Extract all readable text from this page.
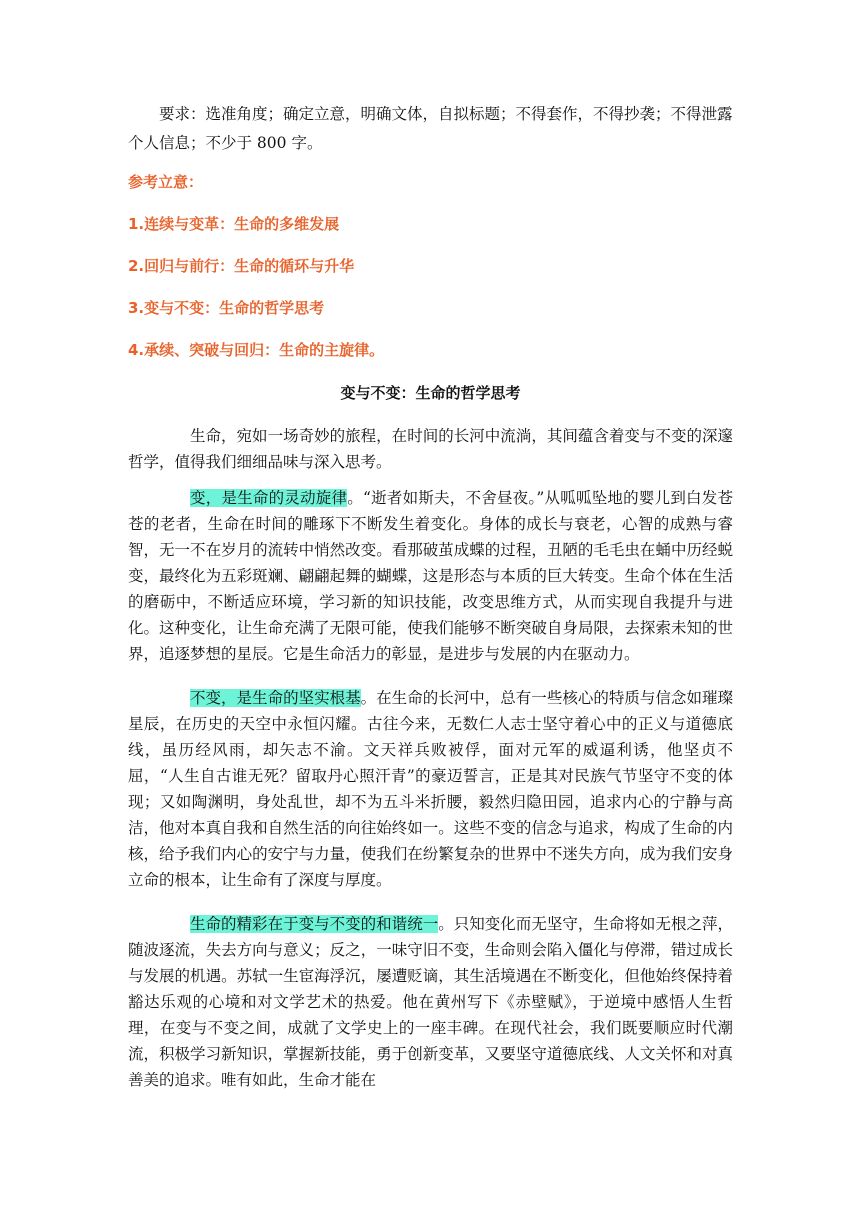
要求：选准角度；确定立意，明确文体，自拟标题；不得套作，不得抄袭；不得泄露个人信息；不少于 800 字。

参考立意：

1.连续与变革：生命的多维发展

2.回归与前行：生命的循环与升华

3.变与不变：生命的哲学思考

4.承续、突破与回归：生命的主旋律。

变与不变：生命的哲学思考

生命，宛如一场奇妙的旅程，在时间的长河中流淌，其间蕴含着变与不变的深邃哲学，值得我们细细品味与深入思考。

变，是生命的灵动旋律。“逝者如斯夫，不舍昼夜。”从呱呱坠地的婴儿到白发苍苍的老者，生命在时间的雕琢下不断发生着变化。身体的成长与衰老，心智的成熟与睿智，无一不在岁月的流转中悄然改变。看那破茧成蝶的过程，丑陋的毛毛虫在蛹中历经蜕变，最终化为五彩斑斓、翩翩起舞的蝴蝶，这是形态与本质的巨大转变。生命个体在生活的磨砺中，不断适应环境，学习新的知识技能，改变思维方式，从而实现自我提升与进化。这种变化，让生命充满了无限可能，使我们能够不断突破自身局限，去探索未知的世界，追逐梦想的星辰。它是生命活力的彰显，是进步与发展的内在驱动力。

不变，是生命的坚实根基。在生命的长河中，总有一些核心的特质与信念如璀璨星辰，在历史的天空中永恒闪耀。古往今来，无数仁人志士坚守着心中的正义与道德底线，虽历经风雨，却矢志不渝。文天祥兵败被俘，面对元军的威逼利诱，他坚贞不屈，“人生自古谁无死？留取丹心照汗青”的豪迈誓言，正是其对民族气节坚守不变的体现；又如陶渊明，身处乱世，却不为五斗米折腰，毅然归隐田园，追求内心的宁静与高洁，他对本真自我和自然生活的向往始终如一。这些不变的信念与追求，构成了生命的内核，给予我们内心的安宁与力量，使我们在纷繁复杂的世界中不迷失方向，成为我们安身立命的根本，让生命有了深度与厚度。

生命的精彩在于变与不变的和谐统一。只知变化而无坚守，生命将如无根之萍，随波逐流，失去方向与意义；反之，一味守旧不变，生命则会陷入僵化与停滞，错过成长与发展的机遇。苏轼一生宦海浮沉，屡遭贬谪，其生活境遇在不断变化，但他始终保持着豁达乐观的心境和对文学艺术的热爱。他在黄州写下《赤壁赋》，于逆境中感悟人生哲理，在变与不变之间，成就了文学史上的一座丰碑。在现代社会，我们既要顺应时代潮流，积极学习新知识，掌握新技能，勇于创新变革，又要坚守道德底线、人文关怀和对真善美的追求。唯有如此，生命才能在
